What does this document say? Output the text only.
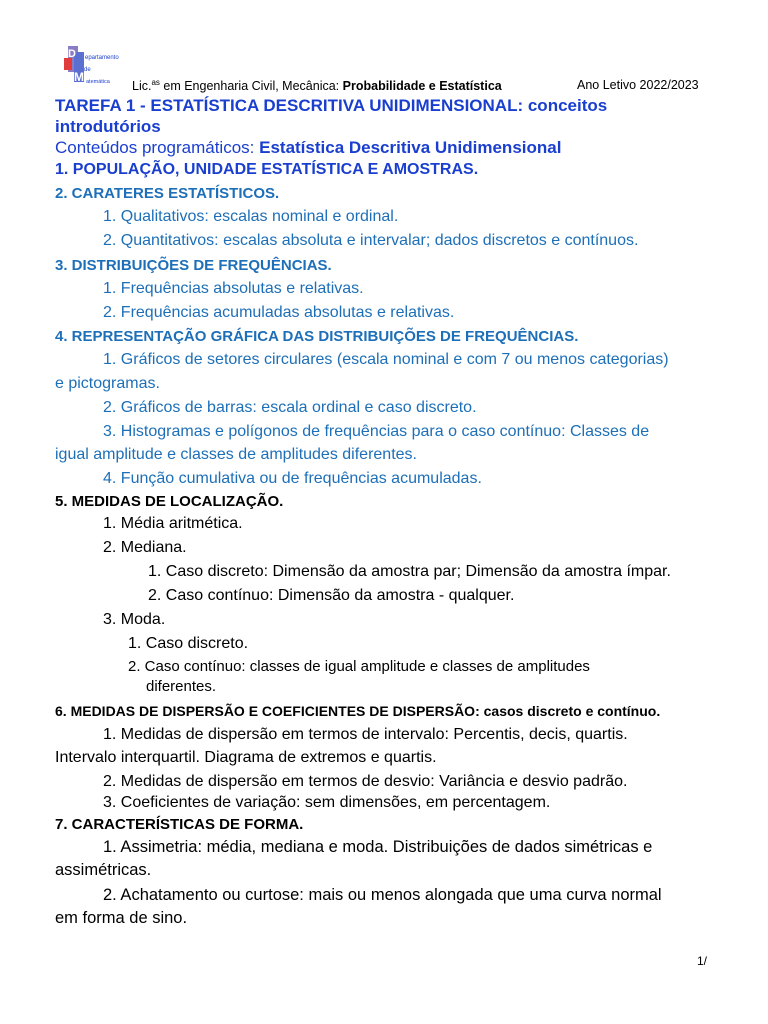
D
M
epartamento
de
atemática Lic.$^{as}$ em Engenharia Civil, Mecânica: Probabilidade e Estatística	Ano Letivo 2022/2023
TAREFA 1 - ESTATÍSTICA DESCRITIVA UNIDIMENSIONAL: conceitos
introdutórios
Conteúdos programáticos: Estatística Descritiva Unidimensional
1. POPULAÇÃO, UNIDADE ESTATÍSTICA E AMOSTRAS.
2. CARATERES ESTATÍSTICOS.
1. Qualitativos: escalas nominal e ordinal.
2. Quantitativos: escalas absoluta e intervalar; dados discretos e contínuos.
3. DISTRIBUIÇÕES DE FREQUÊNCIAS.
1. Frequências absolutas e relativas.
2. Frequências acumuladas absolutas e relativas.
4. REPRESENTAÇÃO GRÁFICA DAS DISTRIBUIÇÕES DE FREQUÊNCIAS.
1. Gráficos de setores circulares (escala nominal e com 7 ou menos categorias)
e pictogramas.
2. Gráficos de barras: escala ordinal e caso discreto.
3. Histogramas e polígonos de frequências para o caso contínuo: Classes de
igual amplitude e classes de amplitudes diferentes.
4. Função cumulativa ou de frequências acumuladas.
5. MEDIDAS DE LOCALIZAÇÃO.
1. Média aritmética.
2. Mediana.
1. Caso discreto: Dimensão da amostra par; Dimensão da amostra ímpar.
2. Caso contínuo: Dimensão da amostra - qualquer.
3. Moda.
1. Caso discreto.
2. Caso contínuo: classes de igual amplitude e classes de amplitudes
diferentes.
6. MEDIDAS DE DISPERSÃO E COEFICIENTES DE DISPERSÃO: casos discreto e contínuo.
1. Medidas de dispersão em termos de intervalo: Percentis, decis, quartis.
Intervalo interquartil. Diagrama de extremos e quartis.
2. Medidas de dispersão em termos de desvio: Variância e desvio padrão.
3. Coeficientes de variação: sem dimensões, em percentagem.
7. CARACTERÍSTICAS DE FORMA.
1. Assimetria: média, mediana e moda. Distribuições de dados simétricas e
assimétricas.
2. Achatamento ou curtose: mais ou menos alongada que uma curva normal
em forma de sino.
1/
